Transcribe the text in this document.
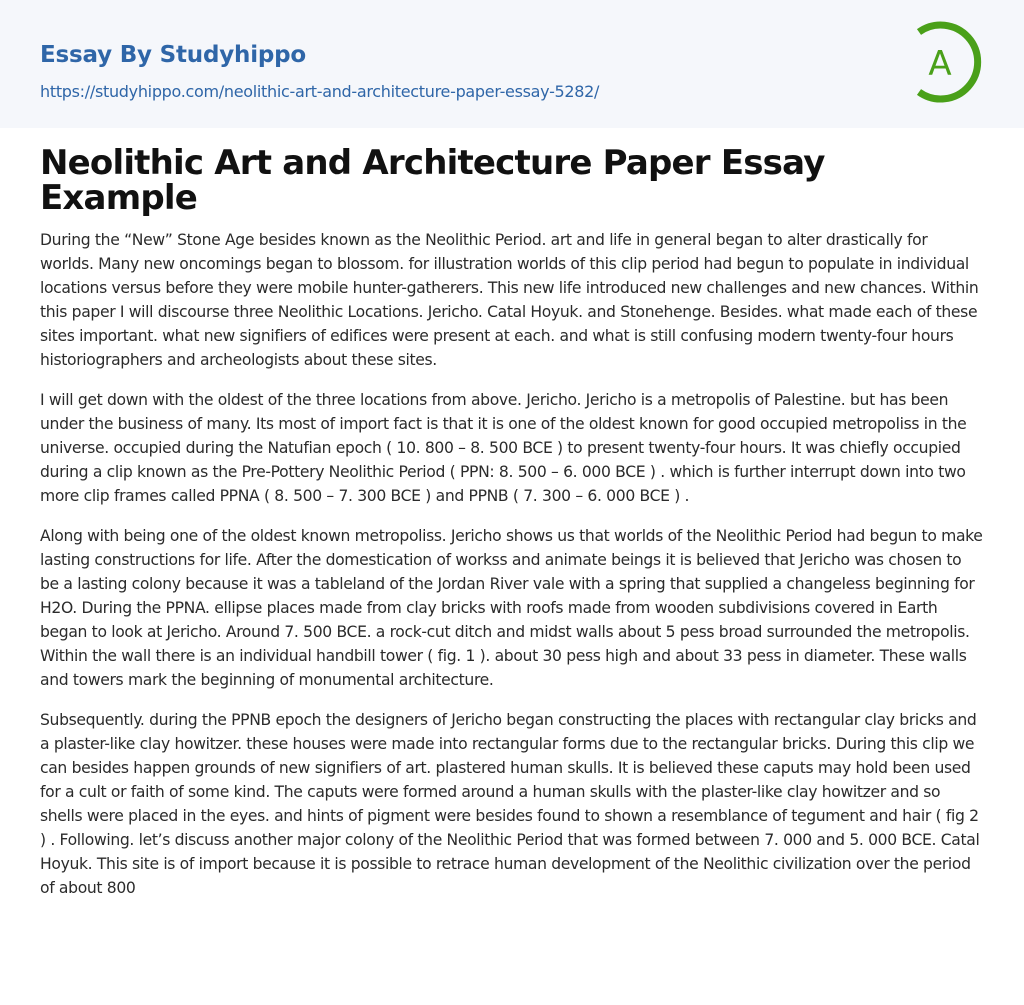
Essay By Studyhippo
https://studyhippo.com/neolithic-art-and-architecture-paper-essay-5282/
A
Neolithic Art and Architecture Paper Essay Example

During the “New” Stone Age besides known as the Neolithic Period. art and life in general began to alter drastically for worlds. Many new oncomings began to blossom. for illustration worlds of this clip period had begun to populate in individual locations versus before they were mobile hunter-gatherers. This new life introduced new challenges and new chances. Within this paper I will discourse three Neolithic Locations. Jericho. Catal Hoyuk. and Stonehenge. Besides. what made each of these sites important. what new signifiers of edifices were present at each. and what is still confusing modern twenty-four hours historiographers and archeologists about these sites.

I will get down with the oldest of the three locations from above. Jericho. Jericho is a metropolis of Palestine. but has been under the business of many. Its most of import fact is that it is one of the oldest known for good occupied metropoliss in the universe. occupied during the Natufian epoch ( 10. 800 – 8. 500 BCE ) to present twenty-four hours. It was chiefly occupied during a clip known as the Pre-Pottery Neolithic Period ( PPN: 8. 500 – 6. 000 BCE ) . which is further interrupt down into two more clip frames called PPNA ( 8. 500 – 7. 300 BCE ) and PPNB ( 7. 300 – 6. 000 BCE ) .

Along with being one of the oldest known metropoliss. Jericho shows us that worlds of the Neolithic Period had begun to make lasting constructions for life. After the domestication of workss and animate beings it is believed that Jericho was chosen to be a lasting colony because it was a tableland of the Jordan River vale with a spring that supplied a changeless beginning for H2O. During the PPNA. ellipse places made from clay bricks with roofs made from wooden subdivisions covered in Earth began to look at Jericho. Around 7. 500 BCE. a rock-cut ditch and midst walls about 5 pess broad surrounded the metropolis. Within the wall there is an individual handbill tower ( fig. 1 ). about 30 pess high and about 33 pess in diameter. These walls and towers mark the beginning of monumental architecture.

Subsequently. during the PPNB epoch the designers of Jericho began constructing the places with rectangular clay bricks and a plaster-like clay howitzer. these houses were made into rectangular forms due to the rectangular bricks. During this clip we can besides happen grounds of new signifiers of art. plastered human skulls. It is believed these caputs may hold been used for a cult or faith of some kind. The caputs were formed around a human skulls with the plaster-like clay howitzer and so shells were placed in the eyes. and hints of pigment were besides found to shown a resemblance of tegument and hair ( fig 2 ) . Following. let’s discuss another major colony of the Neolithic Period that was formed between 7. 000 and 5. 000 BCE. Catal Hoyuk. This site is of import because it is possible to retrace human development of the Neolithic civilization over the period of about 800
